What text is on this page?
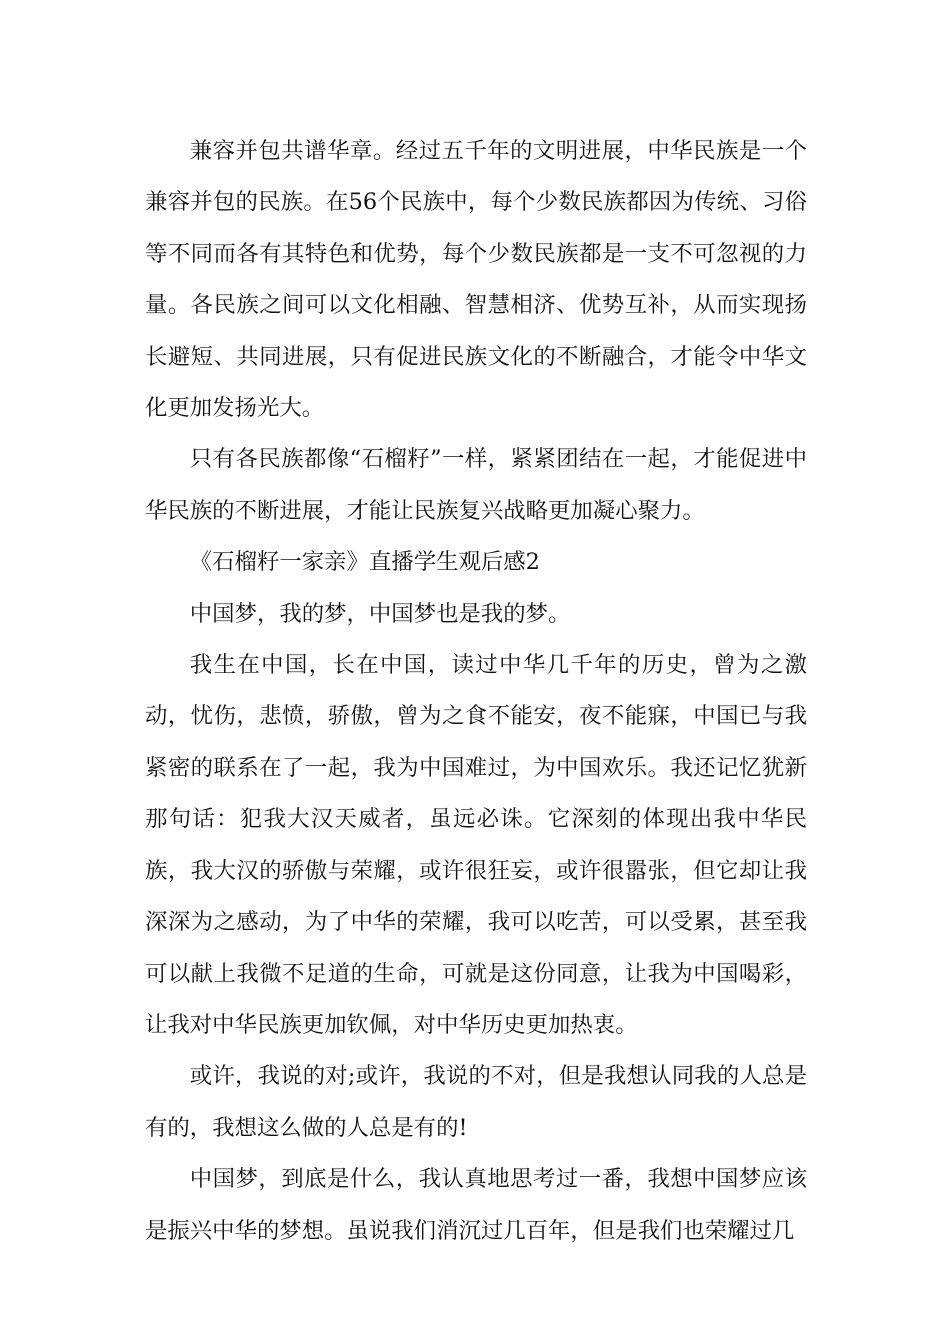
兼容并包共谱华章。经过五千年的文明进展，中华民族是一个兼容并包的民族。在56个民族中，每个少数民族都因为传统、习俗等不同而各有其特色和优势，每个少数民族都是一支不可忽视的力量。各民族之间可以文化相融、智慧相济、优势互补，从而实现扬长避短、共同进展，只有促进民族文化的不断融合，才能令中华文化更加发扬光大。

只有各民族都像“石榴籽”一样，紧紧团结在一起，才能促进中华民族的不断进展，才能让民族复兴战略更加凝心聚力。

《石榴籽一家亲》直播学生观后感2

中国梦，我的梦，中国梦也是我的梦。

我生在中国，长在中国，读过中华几千年的历史，曾为之激动，忧伤，悲愤，骄傲，曾为之食不能安，夜不能寐，中国已与我紧密的联系在了一起，我为中国难过，为中国欢乐。我还记忆犹新那句话：犯我大汉天威者，虽远必诛。它深刻的体现出我中华民族，我大汉的骄傲与荣耀，或许很狂妄，或许很嚣张，但它却让我深深为之感动，为了中华的荣耀，我可以吃苦，可以受累，甚至我可以献上我微不足道的生命，可就是这份同意，让我为中国喝彩，让我对中华民族更加钦佩，对中华历史更加热衷。

或许，我说的对;或许，我说的不对，但是我想认同我的人总是有的，我想这么做的人总是有的!

中国梦，到底是什么，我认真地思考过一番，我想中国梦应该是振兴中华的梦想。虽说我们消沉过几百年，但是我们也荣耀过几
